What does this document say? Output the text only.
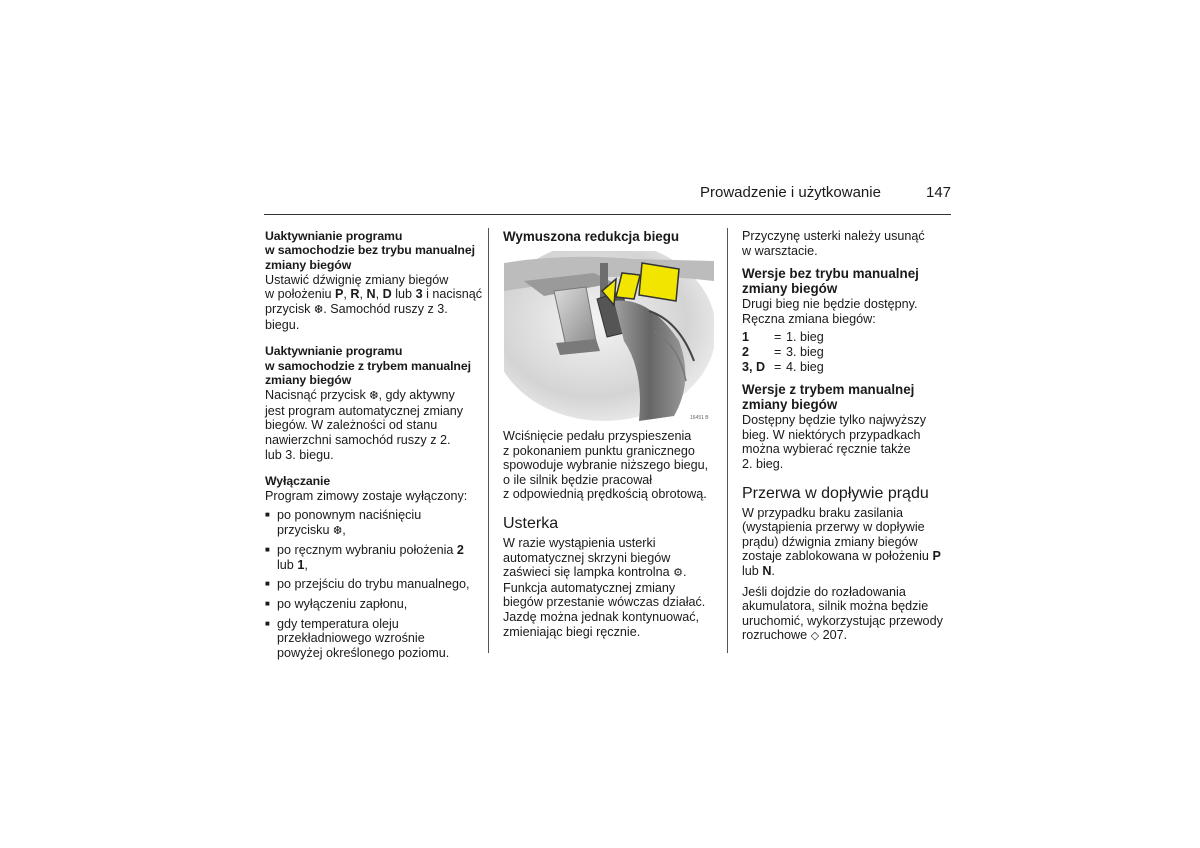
Prowadzenie i użytkowanie	147
Uaktywnianie programu
w samochodzie bez trybu manualnej
zmiany biegów

Ustawić dźwignię zmiany biegów
w położeniu P, R, N, D lub 3 i nacisnąć
przycisk ❆. Samochód ruszy z 3.
biegu.

Uaktywnianie programu
w samochodzie z trybem manualnej
zmiany biegów

Nacisnąć przycisk ❆, gdy aktywny
jest program automatycznej zmiany
biegów. W zależności od stanu
nawierzchni samochód ruszy z 2.
lub 3. biegu.

Wyłączanie

Program zimowy zostaje wyłączony:

■ po ponownym naciśnięciu
przycisku ❆,
■ po ręcznym wybraniu położenia 2
lub 1,
■ po przejściu do trybu manualnego,
■ po wyłączeniu zapłonu,
■ gdy temperatura oleju
przekładniowego wzrośnie
powyżej określonego poziomu.
Wymuszona redukcja biegu
16451 B

Wciśnięcie pedału przyspieszenia
z pokonaniem punktu granicznego
spowoduje wybranie niższego biegu,
o ile silnik będzie pracował
z odpowiednią prędkością obrotową.

Usterka

W razie wystąpienia usterki
automatycznej skrzyni biegów
zaświeci się lampka kontrolna ⚙.
Funkcja automatycznej zmiany
biegów przestanie wówczas działać.
Jazdę można jednak kontynuować,
zmieniając biegi ręcznie.

Przyczynę usterki należy usunąć
w warsztacie.

Wersje bez trybu manualnej
zmiany biegów

Drugi bieg nie będzie dostępny.
Ręczna zmiana biegów:

1	= 1. bieg
2	= 3. bieg
3, D = 4. bieg
Wersje z trybem manualnej
zmiany biegów

Dostępny będzie tylko najwyższy
bieg. W niektórych przypadkach
można wybierać ręcznie także
2. bieg.

Przerwa w dopływie prądu

W przypadku braku zasilania
(wystąpienia przerwy w dopływie
prądu) dźwignia zmiany biegów
zostaje zablokowana w położeniu P
lub N.

Jeśli dojdzie do rozładowania
akumulatora, silnik można będzie
uruchomić, wykorzystując przewody
rozruchowe ◇ 207.
